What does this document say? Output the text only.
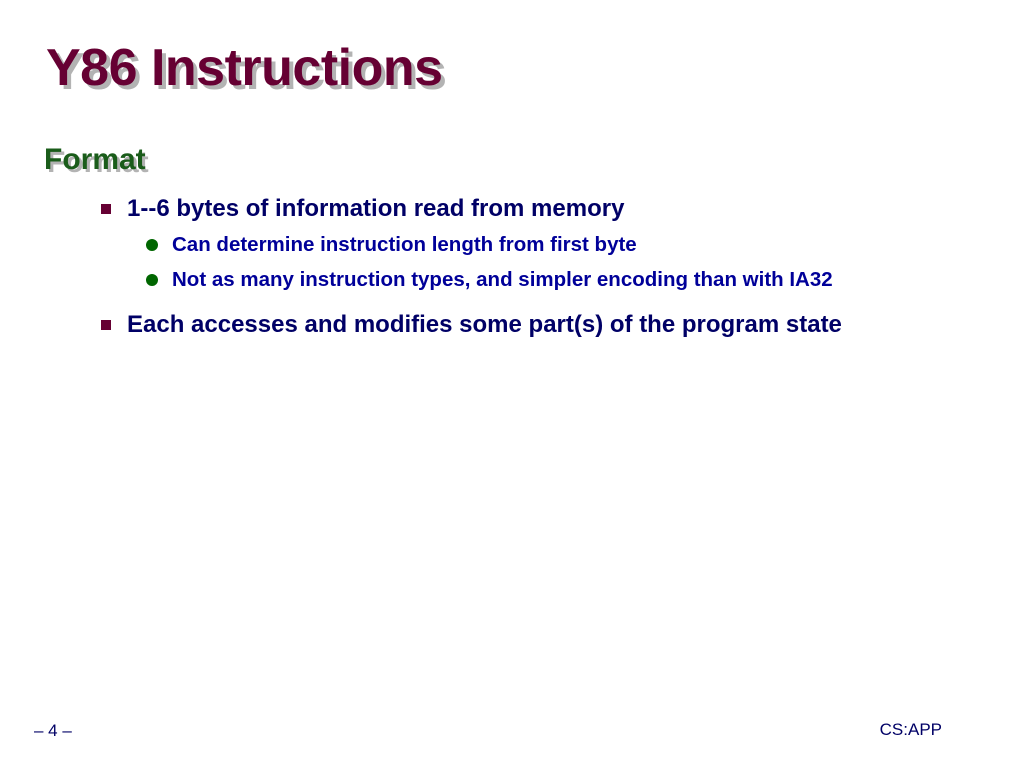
Y86 Instructions
Format
1--6 bytes of information read from memory
Can determine instruction length from first byte
Not as many instruction types, and simpler encoding than with IA32
Each accesses and modifies some part(s) of the program state
– 4 –	CS:APP
